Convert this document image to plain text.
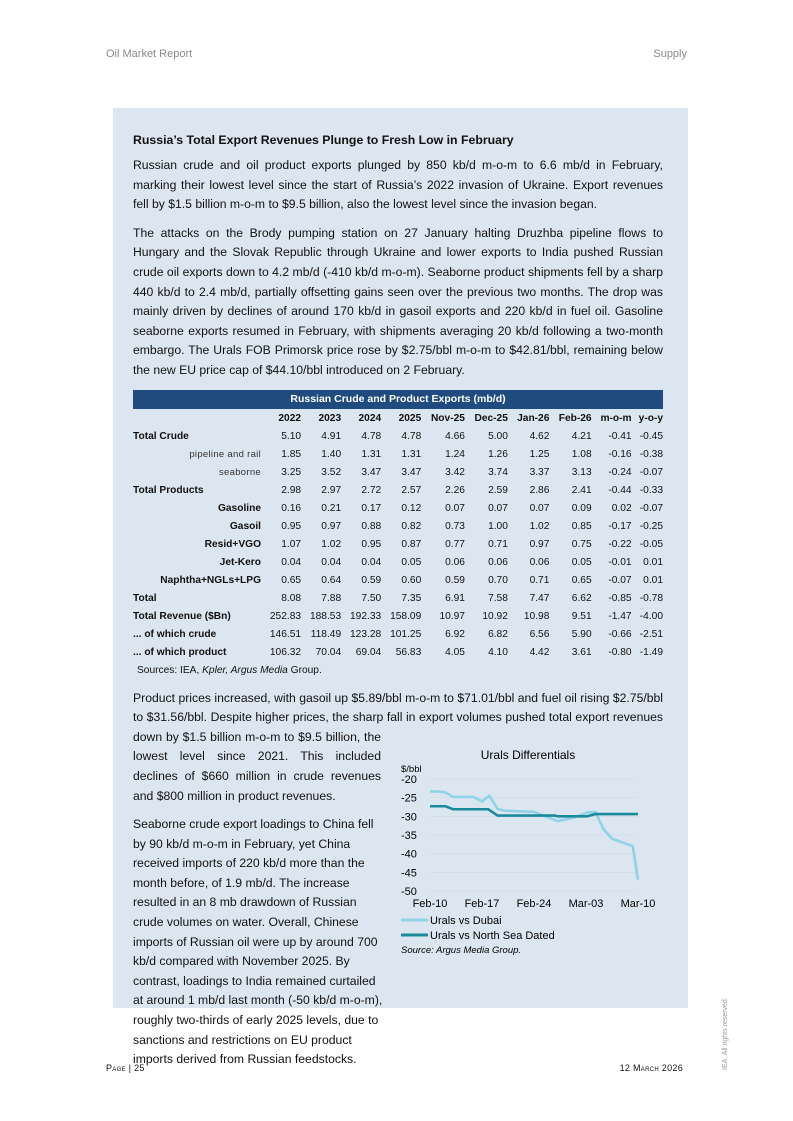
Oil Market Report	Supply
Russia’s Total Export Revenues Plunge to Fresh Low in February

Russian crude and oil product exports plunged by 850 kb/d m-o-m to 6.6 mb/d in February, marking their lowest level since the start of Russia’s 2022 invasion of Ukraine. Export revenues fell by $1.5 billion m-o-m to $9.5 billion, also the lowest level since the invasion began.

The attacks on the Brody pumping station on 27 January halting Druzhba pipeline flows to Hungary and the Slovak Republic through Ukraine and lower exports to India pushed Russian crude oil exports down to 4.2 mb/d (-410 kb/d m-o-m). Seaborne product shipments fell by a sharp 440 kb/d to 2.4 mb/d, partially offsetting gains seen over the previous two months. The drop was mainly driven by declines of around 170 kb/d in gasoil exports and 220 kb/d in fuel oil. Gasoline seaborne exports resumed in February, with shipments averaging 20 kb/d following a two-month embargo. The Urals FOB Primorsk price rose by $2.75/bbl m-o-m to $42.81/bbl, remaining below the new EU price cap of $44.10/bbl introduced on 2 February.

Russian Crude and Product Exports (mb/d)										
	2022	2023	2024	2025	Nov-25	Dec-25	Jan-26	Feb-26	m-o-m	y-o-y
Total Crude	5.10	4.91	4.78	4.78	4.66	5.00	4.62	4.21	-0.41	-0.45
pipeline and rail	1.85	1.40	1.31	1.31	1.24	1.26	1.25	1.08	-0.16	-0.38
seaborne	3.25	3.52	3.47	3.47	3.42	3.74	3.37	3.13	-0.24	-0.07
Total Products	2.98	2.97	2.72	2.57	2.26	2.59	2.86	2.41	-0.44	-0.33
Gasoline	0.16	0.21	0.17	0.12	0.07	0.07	0.07	0.09	0.02	-0.07
Gasoil	0.95	0.97	0.88	0.82	0.73	1.00	1.02	0.85	-0.17	-0.25
Resid+VGO	1.07	1.02	0.95	0.87	0.77	0.71	0.97	0.75	-0.22	-0.05
Jet-Kero	0.04	0.04	0.04	0.05	0.06	0.06	0.06	0.05	-0.01	0.01
Naphtha+NGLs+LPG	0.65	0.64	0.59	0.60	0.59	0.70	0.71	0.65	-0.07	0.01
Total	8.08	7.88	7.50	7.35	6.91	7.58	7.47	6.62	-0.85	-0.78
Total Revenue ($Bn)	252.83	188.53	192.33	158.09	10.97	10.92	10.98	9.51	-1.47	-4.00
... of which crude	146.51	118.49	123.28	101.25	6.92	6.82	6.56	5.90	-0.66	-2.51
... of which product	106.32	70.04	69.04	56.83	4.05	4.10	4.42	3.61	-0.80	-1.49
Sources: IEA, Kpler, Argus Media Group.

Urals Differentials
$/bbl
-20
-25
-30
-35
-40
-45
-50
Feb-10 Feb-17 Feb-24 Mar-03 Mar-10
Urals vs Dubai
Urals vs North Sea Dated
Source: Argus Media Group.
Product prices increased, with gasoil up $5.89/bbl m-o-m to $71.01/bbl and fuel oil rising $2.75/bbl to $31.56/bbl. Despite higher prices, the sharp fall in export volumes pushed total export revenues down by $1.5 billion m-o-m to $9.5 billion, the lowest level since 2021. This included declines of $660 million in crude revenues and $800 million in product revenues.

Seaborne crude export loadings to China fell by 90 kb/d m-o-m in February, yet China received imports of 220 kb/d more than the month before, of 1.9 mb/d. The increase resulted in an 8 mb drawdown of Russian crude volumes on water. Overall, Chinese imports of Russian oil were up by around 700 kb/d compared with November 2025. By contrast, loadings to India remained curtailed at around 1 mb/d last month (-50 kb/d m-o-m), roughly two-thirds of early 2025 levels, due to sanctions and restrictions on EU product imports derived from Russian feedstocks.

Page | 25	12 March 2026	IEA. All rights reserved.
